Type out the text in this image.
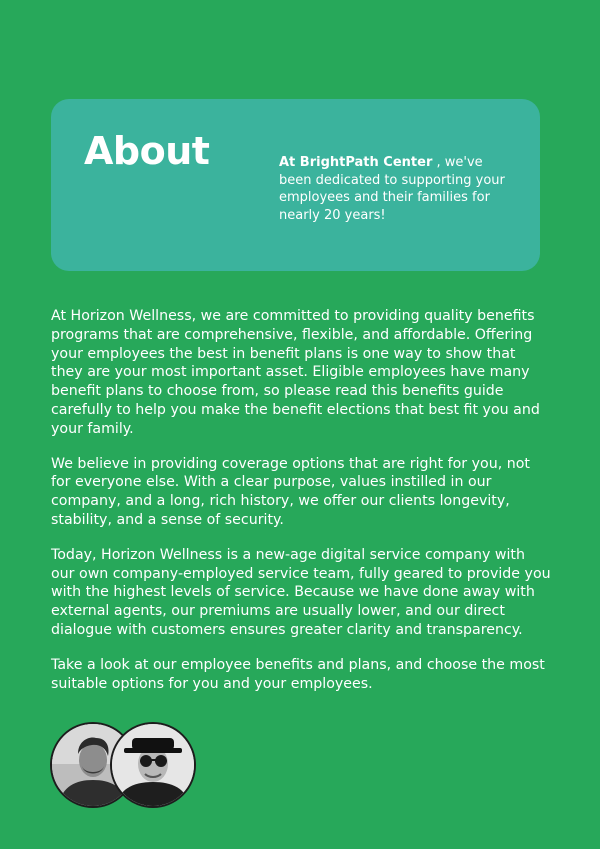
About	At BrightPath Center , we've been dedicated to supporting your employees and their families for nearly 20 years!

At Horizon Wellness, we are committed to providing quality benefits programs that are comprehensive, flexible, and affordable. Offering your employees the best in benefit plans is one way to show that they are your most important asset. Eligible employees have many benefit plans to choose from, so please read this benefits guide carefully to help you make the benefit elections that best fit you and your family.

We believe in providing coverage options that are right for you, not for everyone else. With a clear purpose, values instilled in our company, and a long, rich history, we offer our clients longevity, stability, and a sense of security.

Today, Horizon Wellness is a new-age digital service company with our own company-employed service team, fully geared to provide you with the highest levels of service. Because we have done away with external agents, our premiums are usually lower, and our direct dialogue with customers ensures greater clarity and transparency.

Take a look at our employee benefits and plans, and choose the most suitable options for you and your employees.
